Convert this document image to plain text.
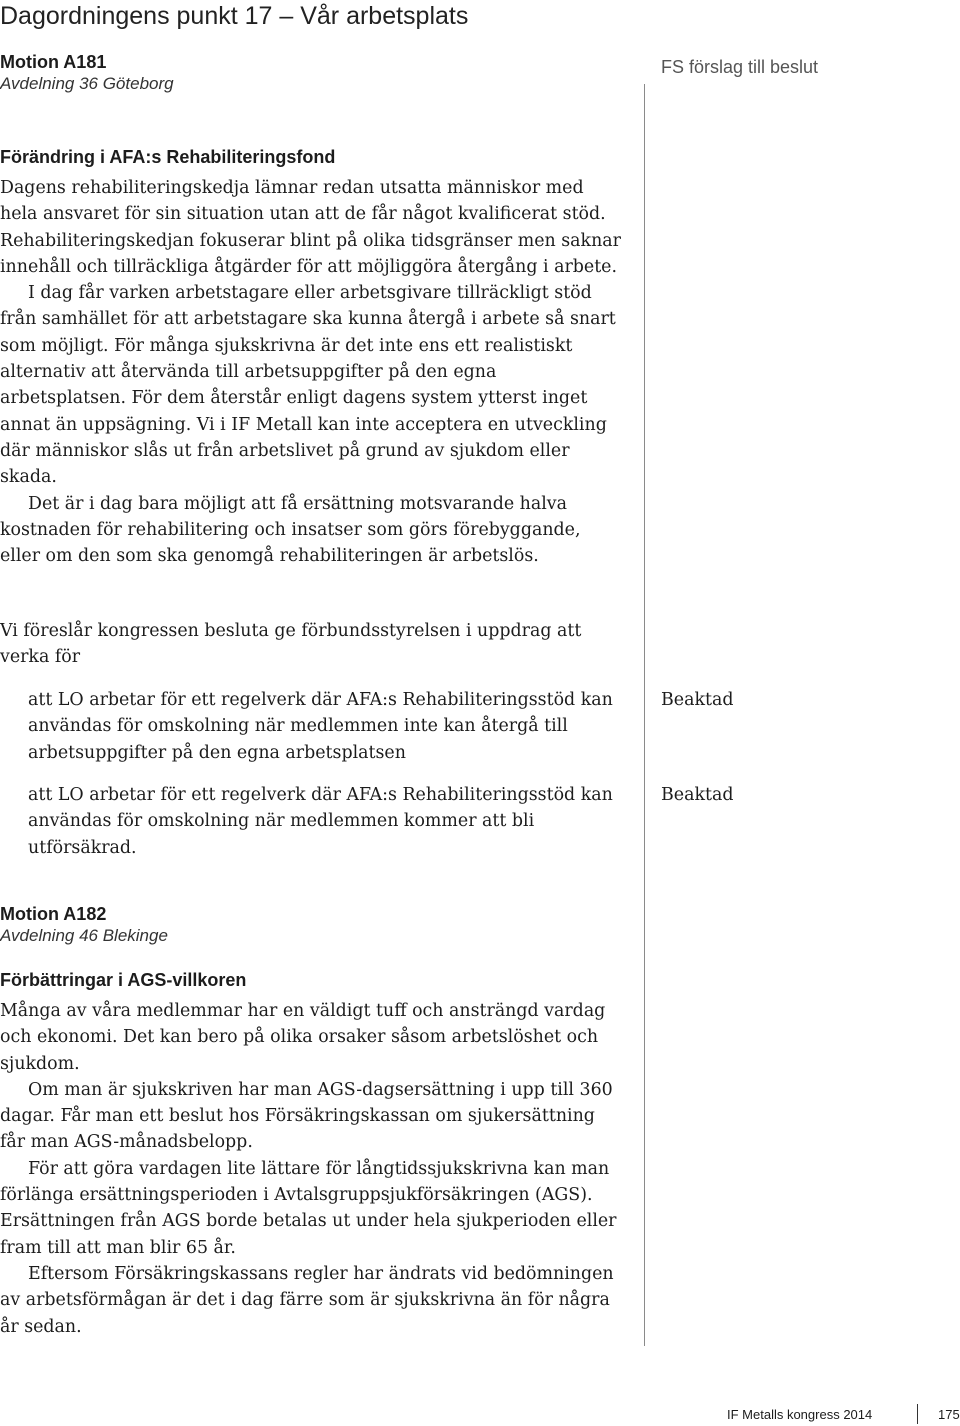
Dagordningens punkt 17 – Vår arbetsplats
FS förslag till beslut
Motion A181
Avdelning 36 Göteborg
Förändring i AFA:s Rehabiliteringsfond

Dagens rehabiliteringskedja lämnar redan utsatta människor med hela ansvaret för sin situation utan att de får något kvalificerat stöd. Rehabiliteringskedjan fokuserar blint på olika tidsgränser men saknar innehåll och tillräckliga åtgärder för att möjliggöra återgång i arbete.

I dag får varken arbetstagare eller arbetsgivare tillräckligt stöd från samhället för att arbetstagare ska kunna återgå i arbete så snart som möjligt. För många sjukskrivna är det inte ens ett realistiskt alternativ att återvända till arbetsuppgifter på den egna arbetsplatsen. För dem återstår enligt dagens system ytterst inget annat än uppsägning. Vi i IF Metall kan inte acceptera en utveckling där människor slås ut från arbetslivet på grund av sjukdom eller skada.

Det är i dag bara möjligt att få ersättning motsvarande halva kostnaden för rehabilitering och insatser som görs förebyggande, eller om den som ska genomgå rehabiliteringen är arbetslös.

Vi föreslår kongressen besluta ge förbundsstyrelsen i uppdrag att verka för
att LO arbetar för ett regelverk där AFA:s Rehabiliteringsstöd kan användas för omskolning när medlemmen inte kan återgå till arbetsuppgifter på den egna arbetsplatsen
Beaktad
att LO arbetar för ett regelverk där AFA:s Rehabiliteringsstöd kan användas för omskolning när medlemmen kommer att bli utförsäkrad.
Beaktad
Motion A182
Avdelning 46 Blekinge
Förbättringar i AGS-villkoren

Många av våra medlemmar har en väldigt tuff och ansträngd vardag och ekonomi. Det kan bero på olika orsaker såsom arbetslöshet och sjukdom.

Om man är sjukskriven har man AGS-dagsersättning i upp till 360 dagar. Får man ett beslut hos Försäkringskassan om sjukersättning får man AGS-månadsbelopp.

För att göra vardagen lite lättare för långtidssjukskrivna kan man förlänga ersättningsperioden i Avtalsgruppsjukförsäkringen (AGS). Ersättningen från AGS borde betalas ut under hela sjukperioden eller fram till att man blir 65 år.

Eftersom Försäkringskassans regler har ändrats vid bedömningen av arbetsförmågan är det i dag färre som är sjukskrivna än för några år sedan.

IF Metalls kongress 2014	175
